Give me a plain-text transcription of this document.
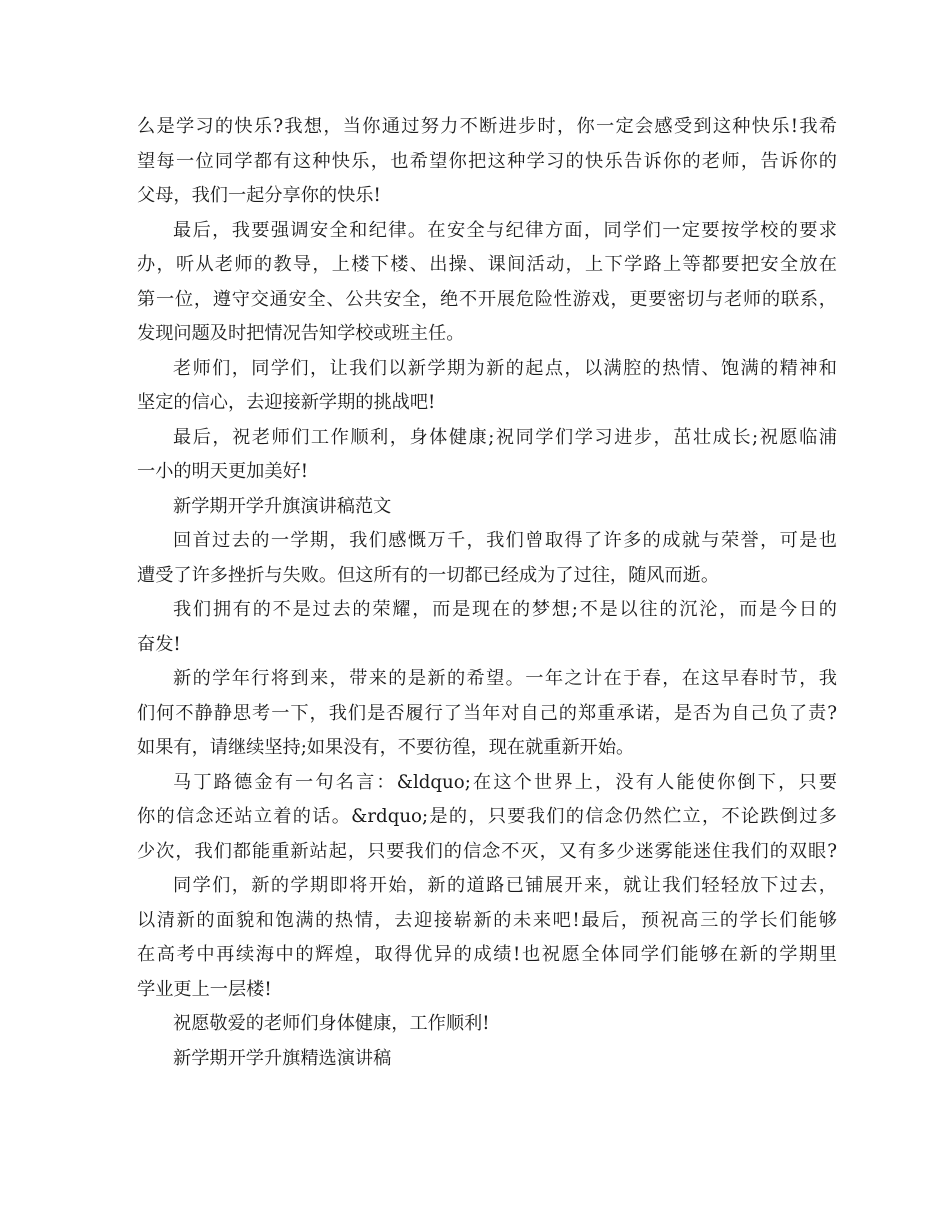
么是学习的快乐?我想，当你通过努力不断进步时，你一定会感受到这种快乐!我希
望每一位同学都有这种快乐，也希望你把这种学习的快乐告诉你的老师，告诉你的
父母，我们一起分享你的快乐!
最后，我要强调安全和纪律。在安全与纪律方面，同学们一定要按学校的要求
办，听从老师的教导，上楼下楼、出操、课间活动，上下学路上等都要把安全放在
第一位，遵守交通安全、公共安全，绝不开展危险性游戏，更要密切与老师的联系，
发现问题及时把情况告知学校或班主任。
老师们，同学们，让我们以新学期为新的起点，以满腔的热情、饱满的精神和
坚定的信心，去迎接新学期的挑战吧!
最后，祝老师们工作顺利，身体健康;祝同学们学习进步，茁壮成长;祝愿临浦
一小的明天更加美好!
新学期开学升旗演讲稿范文
回首过去的一学期，我们感慨万千，我们曾取得了许多的成就与荣誉，可是也
遭受了许多挫折与失败。但这所有的一切都已经成为了过往，随风而逝。
我们拥有的不是过去的荣耀，而是现在的梦想;不是以往的沉沦，而是今日的
奋发!
新的学年行将到来，带来的是新的希望。一年之计在于春，在这早春时节，我
们何不静静思考一下，我们是否履行了当年对自己的郑重承诺，是否为自己负了责?
如果有，请继续坚持;如果没有，不要彷徨，现在就重新开始。
马丁路德金有一句名言：&ldquo;在这个世界上，没有人能使你倒下，只要
你的信念还站立着的话。&rdquo;是的，只要我们的信念仍然伫立，不论跌倒过多
少次，我们都能重新站起，只要我们的信念不灭，又有多少迷雾能迷住我们的双眼?
同学们，新的学期即将开始，新的道路已铺展开来，就让我们轻轻放下过去，
以清新的面貌和饱满的热情，去迎接崭新的未来吧!最后，预祝高三的学长们能够
在高考中再续海中的辉煌，取得优异的成绩!也祝愿全体同学们能够在新的学期里
学业更上一层楼!
祝愿敬爱的老师们身体健康，工作顺利!
新学期开学升旗精选演讲稿
